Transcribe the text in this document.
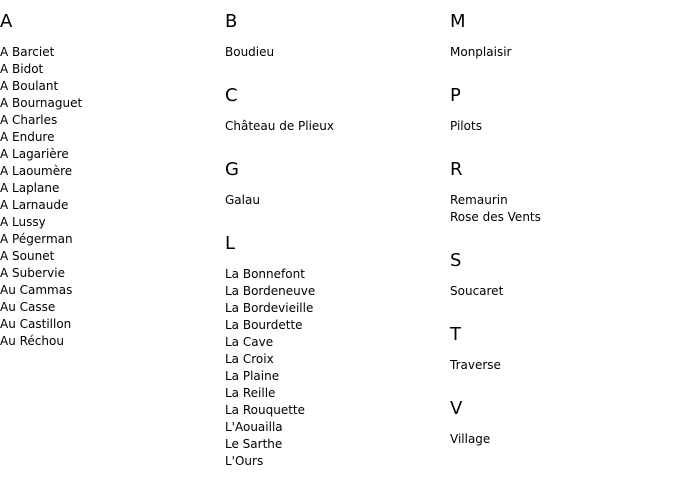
A
A Barciet
A Bidot
A Boulant
A Bournaguet
A Charles
A Endure
A Lagarière
A Laoumère
A Laplane
A Larnaude
A Lussy
A Pégerman
A Sounet
A Subervie
Au Cammas
Au Casse
Au Castillon
Au Réchou
B
Boudieu
C
Château de Plieux
G
Galau
L
La Bonnefont
La Bordeneuve
La Bordevieille
La Bourdette
La Cave
La Croix
La Plaine
La Reille
La Rouquette
L'Aouailla
Le Sarthe
L'Ours
M
Monplaisir
P
Pilots
R
Remaurin
Rose des Vents
S
Soucaret
T
Traverse
V
Village
